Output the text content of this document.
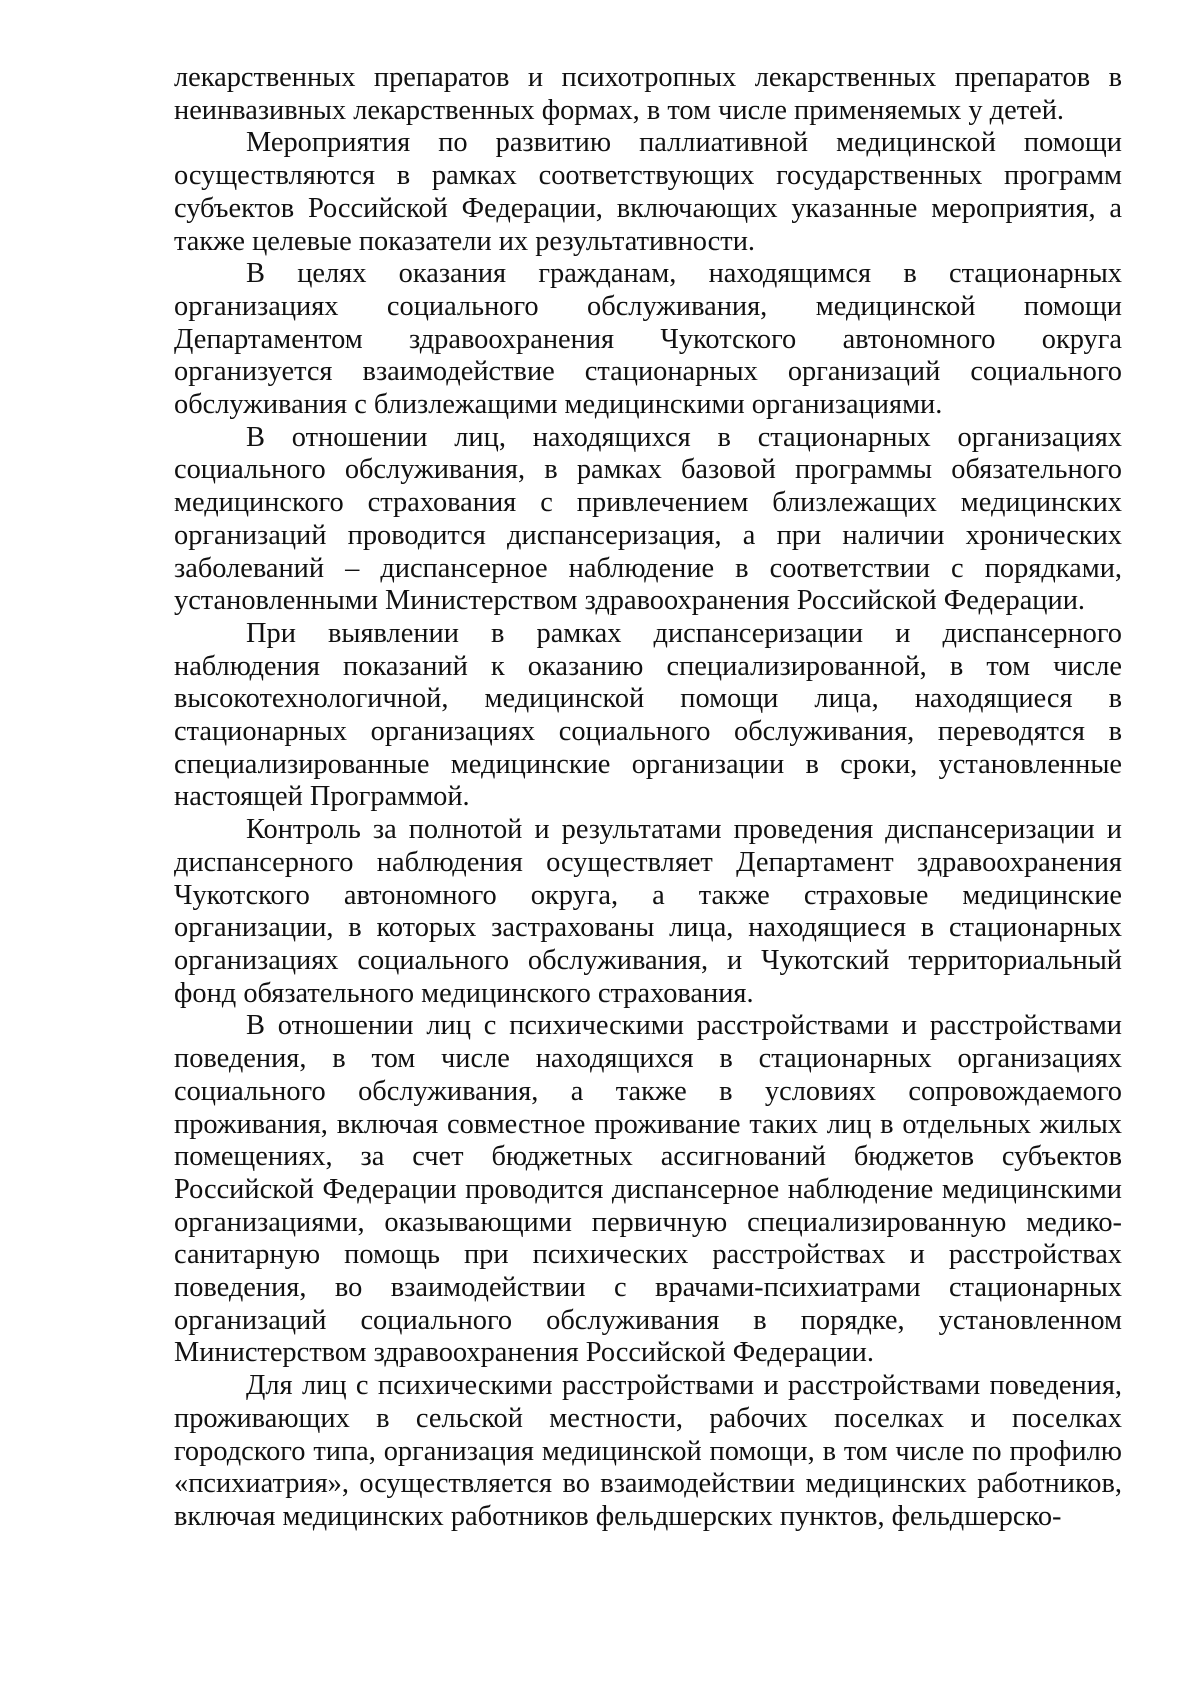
лекарственных препаратов и психотропных лекарственных препаратов в неинвазивных лекарственных формах, в том числе применяемых у детей.

Мероприятия по развитию паллиативной медицинской помощи осуществляются в рамках соответствующих государственных программ субъектов Российской Федерации, включающих указанные мероприятия, а также целевые показатели их результативности.

В целях оказания гражданам, находящимся в стационарных организациях социального обслуживания, медицинской помощи Департаментом здравоохранения Чукотского автономного округа организуется взаимодействие стационарных организаций социального обслуживания с близлежащими медицинскими организациями.

В отношении лиц, находящихся в стационарных организациях социального обслуживания, в рамках базовой программы обязательного медицинского страхования с привлечением близлежащих медицинских организаций проводится диспансеризация, а при наличии хронических заболеваний – диспансерное наблюдение в соответствии с порядками, установленными Министерством здравоохранения Российской Федерации.

При выявлении в рамках диспансеризации и диспансерного наблюдения показаний к оказанию специализированной, в том числе высокотехнологичной, медицинской помощи лица, находящиеся в стационарных организациях социального обслуживания, переводятся в специализированные медицинские организации в сроки, установленные настоящей Программой.

Контроль за полнотой и результатами проведения диспансеризации и диспансерного наблюдения осуществляет Департамент здравоохранения Чукотского автономного округа, а также страховые медицинские организации, в которых застрахованы лица, находящиеся в стационарных организациях социального обслуживания, и Чукотский территориальный фонд обязательного медицинского страхования.

В отношении лиц с психическими расстройствами и расстройствами поведения, в том числе находящихся в стационарных организациях социального обслуживания, а также в условиях сопровождаемого проживания, включая совместное проживание таких лиц в отдельных жилых помещениях, за счет бюджетных ассигнований бюджетов субъектов Российской Федерации проводится диспансерное наблюдение медицинскими организациями, оказывающими первичную специализированную медико-санитарную помощь при психических расстройствах и расстройствах поведения, во взаимодействии с врачами-психиатрами стационарных организаций социального обслуживания в порядке, установленном Министерством здравоохранения Российской Федерации.

Для лиц с психическими расстройствами и расстройствами поведения, проживающих в сельской местности, рабочих поселках и поселках городского типа, организация медицинской помощи, в том числе по профилю «психиатрия», осуществляется во взаимодействии медицинских работников, включая медицинских работников фельдшерских пунктов, фельдшерско-
